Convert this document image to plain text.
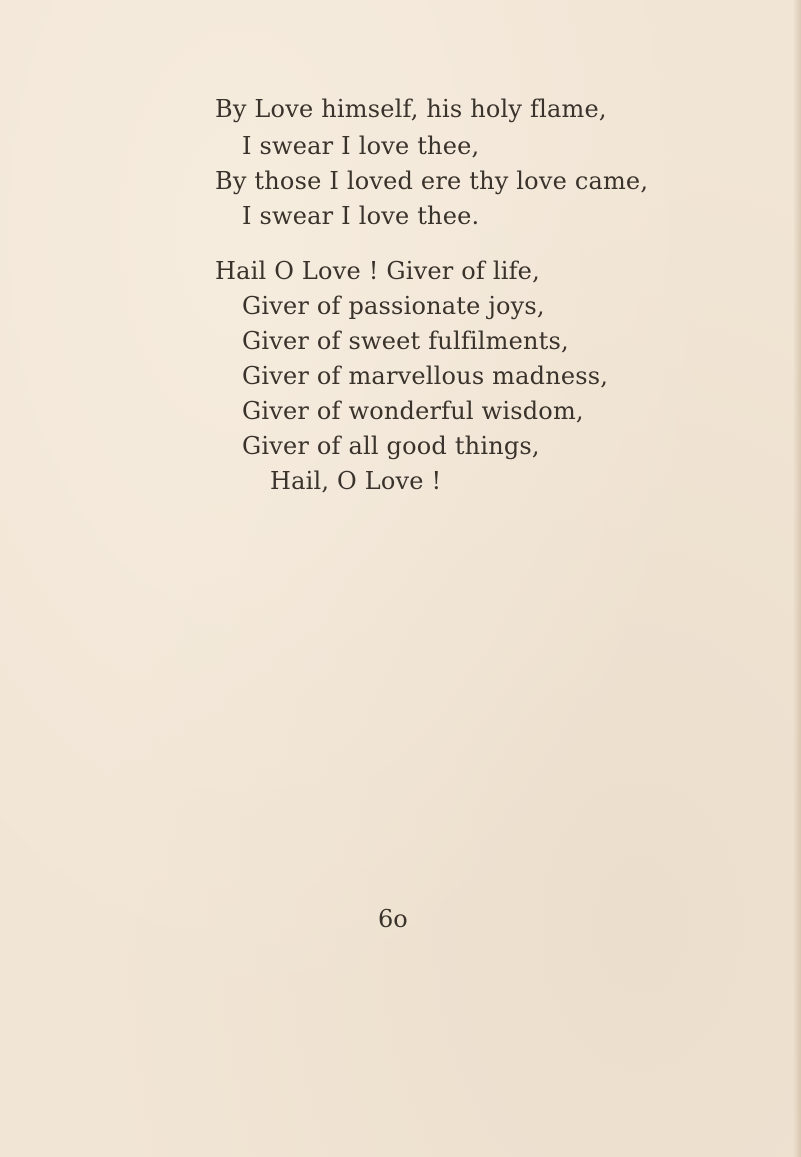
By Love himself, his holy flame,
I swear I love thee,
By those I loved ere thy love came,
I swear I love thee.
Hail O Love ! Giver of life,
Giver of passionate joys,
Giver of sweet fulfilments,
Giver of marvellous madness,
Giver of wonderful wisdom,
Giver of all good things,
Hail, O Love !
6o
